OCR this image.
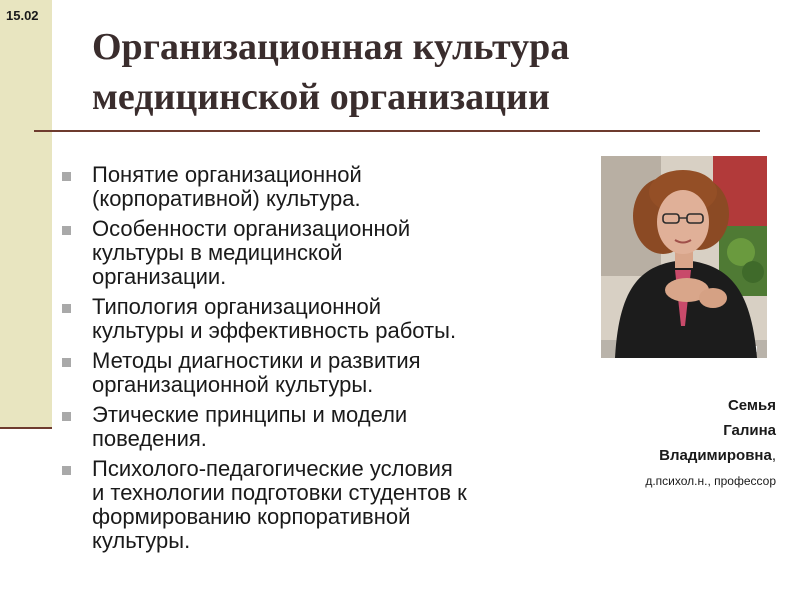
15.02
Организационная культура
медицинской организации
Понятие организационной
(корпоративной) культура.
Особенности организационной
культуры в медицинской
организации.
Типология организационной
культуры и эффективность работы.
Методы диагностики и развития
организационной культуры.
Этические принципы и модели
поведения.
Психолого-педагогические условия
и технологии подготовки студентов к
формированию корпоративной
культуры.
Семья
Галина
Владимировна,
д.психол.н., профессор
